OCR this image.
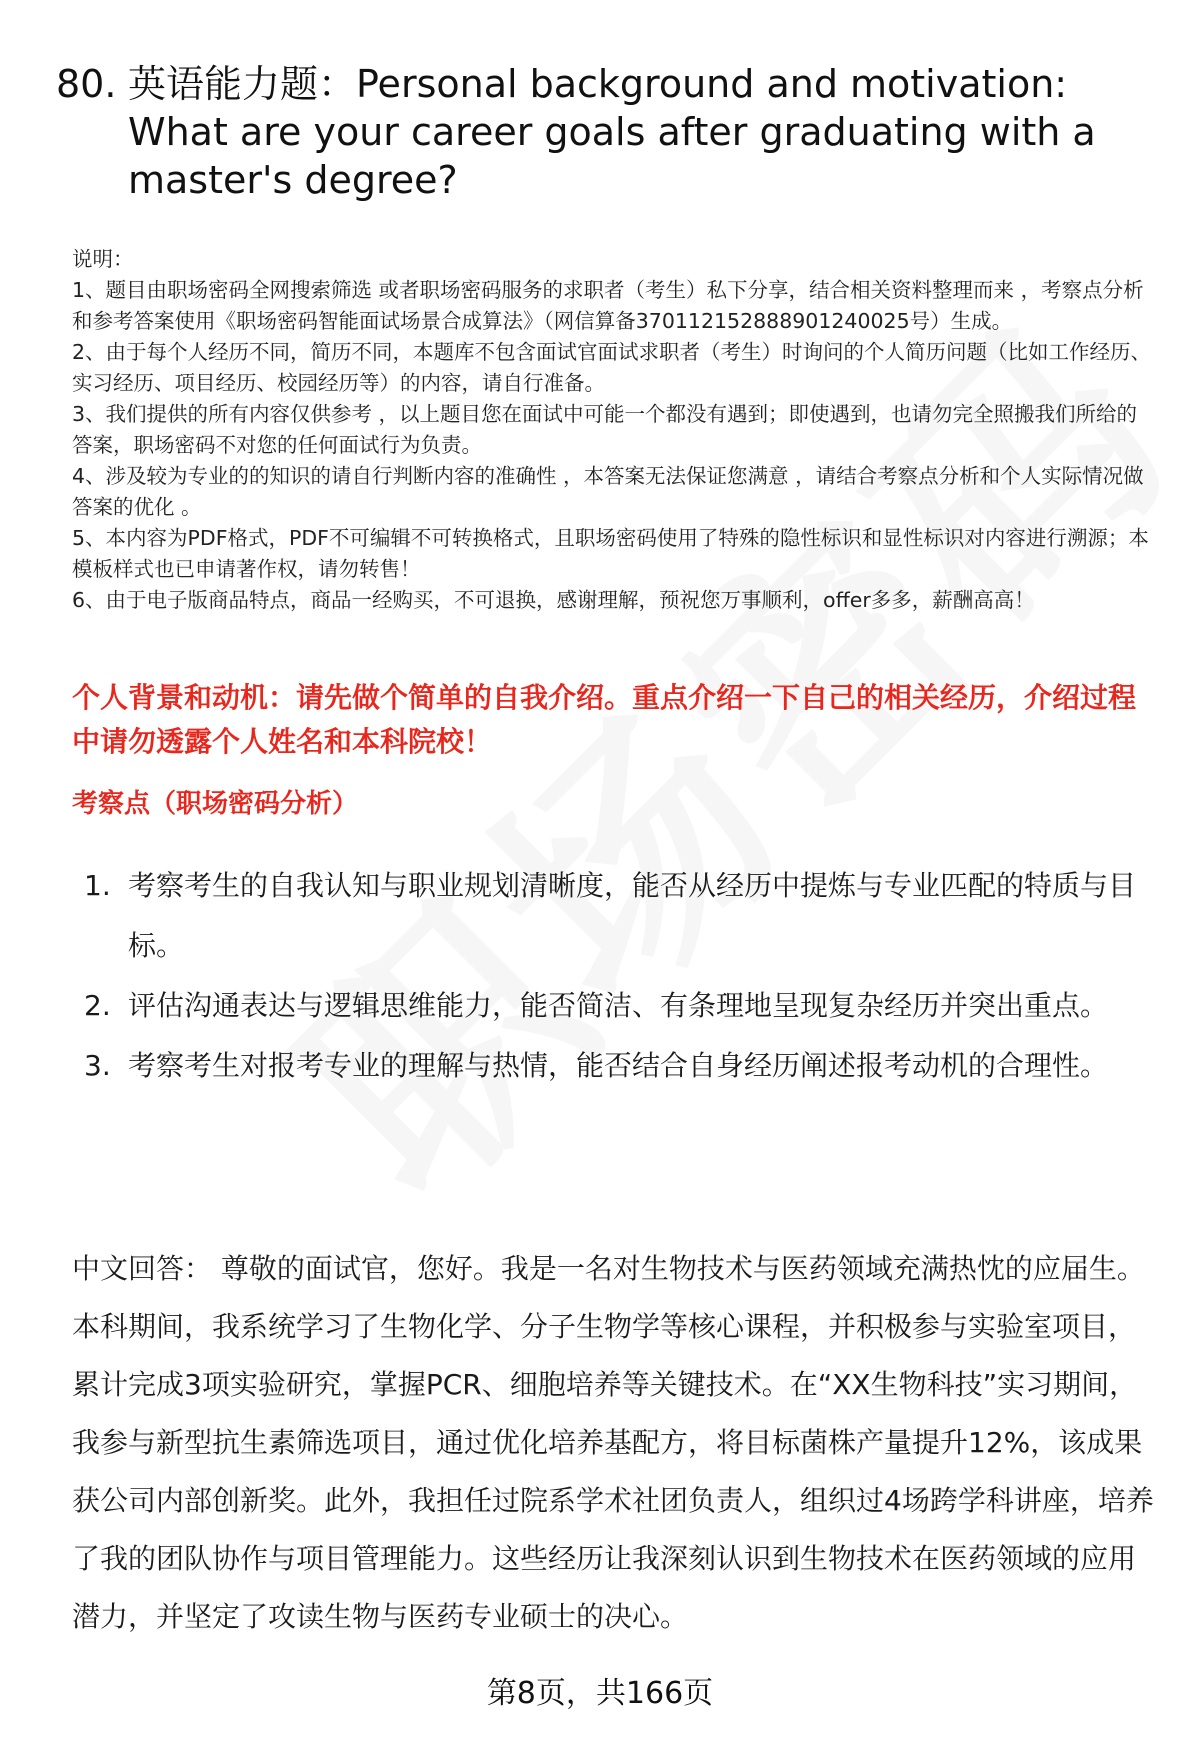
80. 英语能力题：Personal background and motivation: What are your career goals after graduating with a master's degree?
说明：
1、题目由职场密码全网搜索筛选 或者职场密码服务的求职者（考生）私下分享，结合相关资料整理而来 ，考察点分析和参考答案使用《职场密码智能面试场景合成算法》（网信算备370112152888901240025号）生成。
2、由于每个人经历不同，简历不同，本题库不包含面试官面试求职者（考生）时询问的个人简历问题（比如工作经历、实习经历、项目经历、校园经历等）的内容，请自行准备。
3、我们提供的所有内容仅供参考 ，以上题目您在面试中可能一个都没有遇到；即使遇到，也请勿完全照搬我们所给的答案，职场密码不对您的任何面试行为负责。
4、涉及较为专业的的知识的请自行判断内容的准确性 ，本答案无法保证您满意 ，请结合考察点分析和个人实际情况做答案的优化 。
5、本内容为PDF格式，PDF不可编辑不可转换格式，且职场密码使用了特殊的隐性标识和显性标识对内容进行溯源；本模板样式也已申请著作权，请勿转售！
6、由于电子版商品特点，商品一经购买，不可退换，感谢理解，预祝您万事顺利，offer多多，薪酬高高！
个人背景和动机：请先做个简单的自我介绍。重点介绍一下自己的相关经历，介绍过程中请勿透露个人姓名和本科院校！
考察点（职场密码分析）
1. 考察考生的自我认知与职业规划清晰度，能否从经历中提炼与专业匹配的特质与目标。
2. 评估沟通表达与逻辑思维能力，能否简洁、有条理地呈现复杂经历并突出重点。
3. 考察考生对报考专业的理解与热情，能否结合自身经历阐述报考动机的合理性。
中文回答： 尊敬的面试官，您好。我是一名对生物技术与医药领域充满热忱的应届生。本科期间，我系统学习了生物化学、分子生物学等核心课程，并积极参与实验室项目，累计完成3项实验研究，掌握PCR、细胞培养等关键技术。在“XX生物科技”实习期间，我参与新型抗生素筛选项目，通过优化培养基配方，将目标菌株产量提升12%，该成果获公司内部创新奖。此外，我担任过院系学术社团负责人，组织过4场跨学科讲座，培养了我的团队协作与项目管理能力。这些经历让我深刻认识到生物技术在医药领域的应用潜力，并坚定了攻读生物与医药专业硕士的决心。
第8页，共166页
